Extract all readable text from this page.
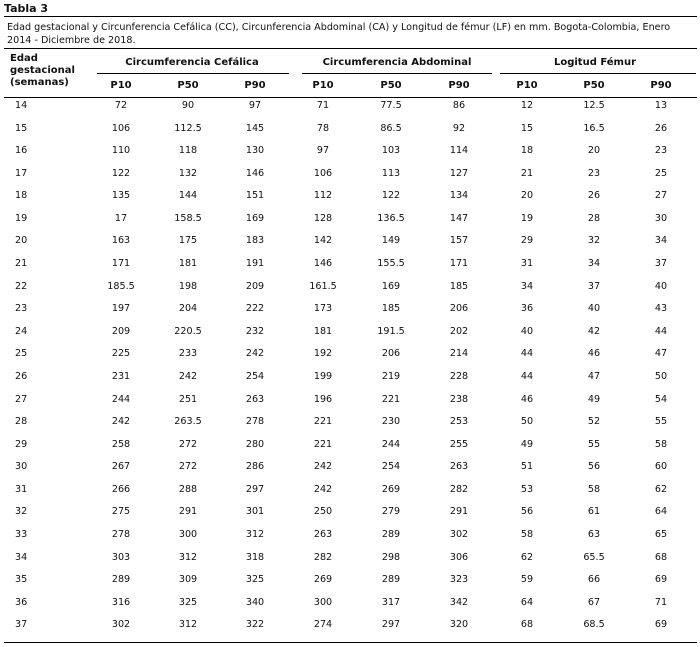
Tabla 3
Edad gestacional y Circunferencia Cefálica (CC), Circunferencia Abdominal (CA) y Longitud de fémur (LF) en mm. Bogota-Colombia, Enero 2014 - Diciembre de 2018.
Edad
gestacional
(semanas)
Circumferencia Cefálica	Circumferencia Abdominal	Logitud Fémur
P10	P50	P90	P10	P50	P90	P10	P50	P90
14	72	90	97	71	77.5	86	12	12.5	13
15	106	112.5	145	78	86.5	92	15	16.5	26
16	110	118	130	97	103	114	18	20	23
17	122	132	146	106	113	127	21	23	25
18	135	144	151	112	122	134	20	26	27
19	17	158.5	169	128	136.5	147	19	28	30
20	163	175	183	142	149	157	29	32	34
21	171	181	191	146	155.5	171	31	34	37
22	185.5	198	209	161.5	169	185	34	37	40
23	197	204	222	173	185	206	36	40	43
24	209	220.5	232	181	191.5	202	40	42	44
25	225	233	242	192	206	214	44	46	47
26	231	242	254	199	219	228	44	47	50
27	244	251	263	196	221	238	46	49	54
28	242	263.5	278	221	230	253	50	52	55
29	258	272	280	221	244	255	49	55	58
30	267	272	286	242	254	263	51	56	60
31	266	288	297	242	269	282	53	58	62
32	275	291	301	250	279	291	56	61	64
33	278	300	312	263	289	302	58	63	65
34	303	312	318	282	298	306	62	65.5	68
35	289	309	325	269	289	323	59	66	69
36	316	325	340	300	317	342	64	67	71
37	302	312	322	274	297	320	68	68.5	69
